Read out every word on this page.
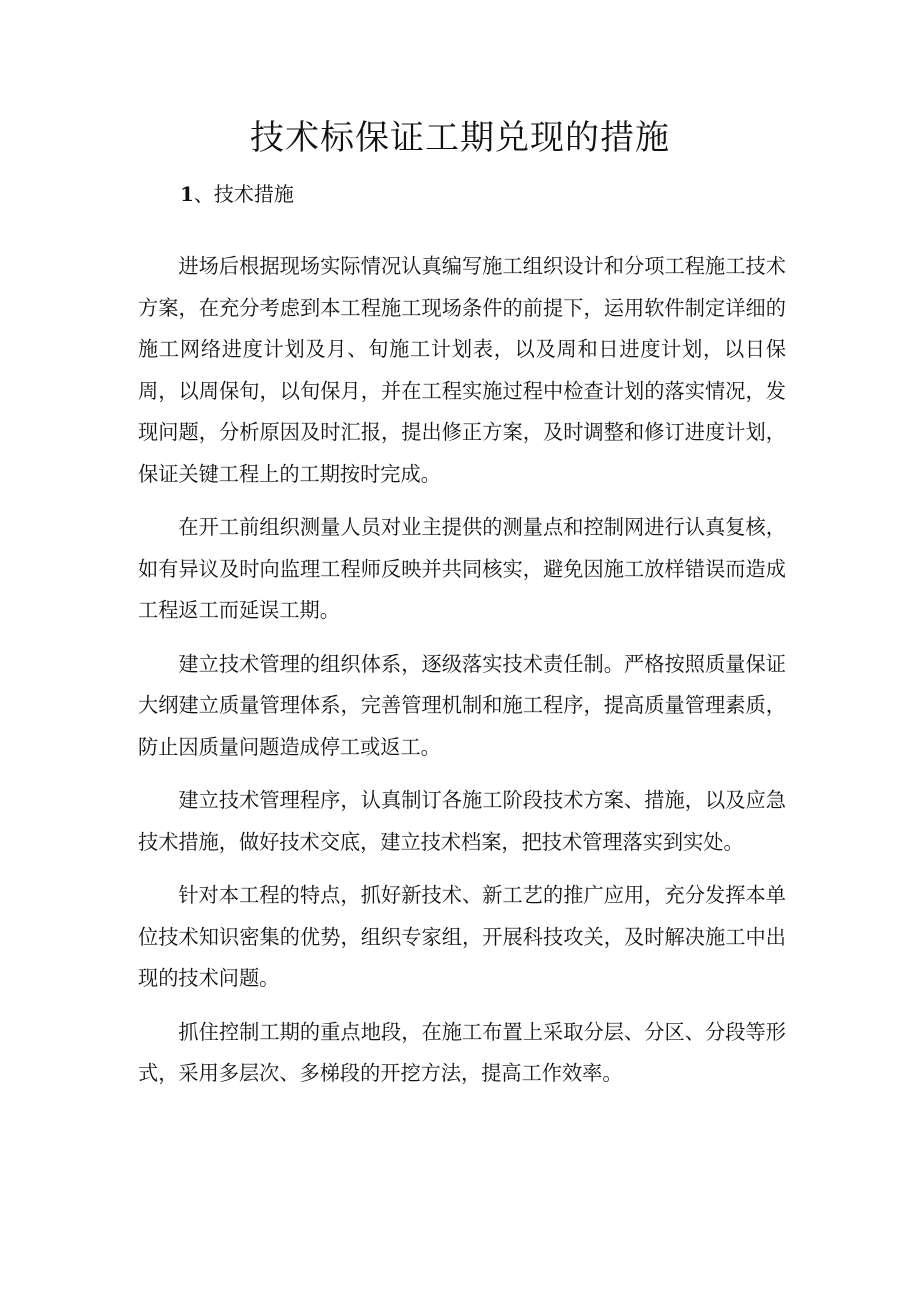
技术标保证工期兑现的措施
1、技术措施

进场后根据现场实际情况认真编写施工组织设计和分项工程施工技术方案，在充分考虑到本工程施工现场条件的前提下，运用软件制定详细的施工网络进度计划及月、旬施工计划表，以及周和日进度计划，以日保周，以周保旬，以旬保月，并在工程实施过程中检查计划的落实情况，发现问题，分析原因及时汇报，提出修正方案，及时调整和修订进度计划，保证关键工程上的工期按时完成。

在开工前组织测量人员对业主提供的测量点和控制网进行认真复核，如有异议及时向监理工程师反映并共同核实，避免因施工放样错误而造成工程返工而延误工期。

建立技术管理的组织体系，逐级落实技术责任制。严格按照质量保证大纲建立质量管理体系，完善管理机制和施工程序，提高质量管理素质，防止因质量问题造成停工或返工。

建立技术管理程序，认真制订各施工阶段技术方案、措施，以及应急技术措施，做好技术交底，建立技术档案，把技术管理落实到实处。

针对本工程的特点，抓好新技术、新工艺的推广应用，充分发挥本单位技术知识密集的优势，组织专家组，开展科技攻关，及时解决施工中出现的技术问题。

抓住控制工期的重点地段，在施工布置上采取分层、分区、分段等形式，采用多层次、多梯段的开挖方法，提高工作效率。
